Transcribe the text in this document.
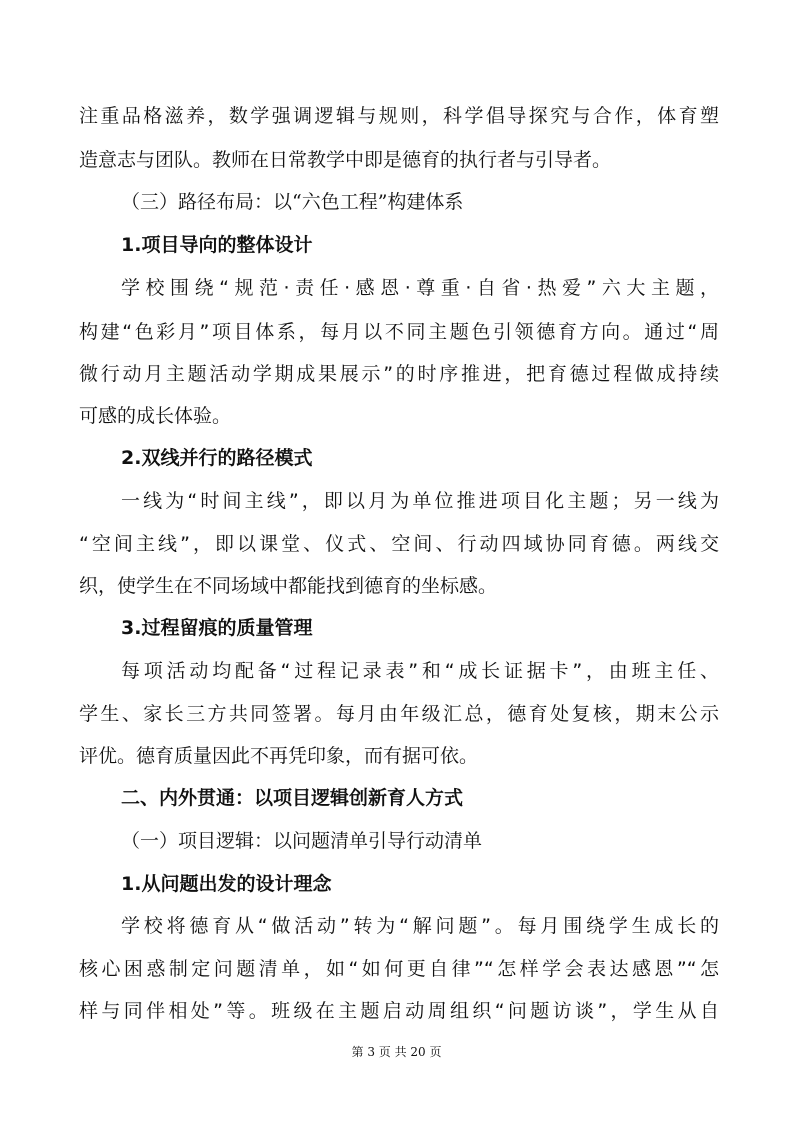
注重品格滋养，数学强调逻辑与规则，科学倡导探究与合作，体育塑

造意志与团队。教师在日常教学中即是德育的执行者与引导者。

（三）路径布局：以“六色工程”构建体系

1.项目导向的整体设计

学校围绕“规范·责任·感恩·尊重·自省·热爱”六大主题，

构建“色彩月”项目体系，每月以不同主题色引领德育方向。通过“周

微行动月主题活动学期成果展示”的时序推进，把育德过程做成持续

可感的成长体验。

2.双线并行的路径模式

一线为“时间主线”，即以月为单位推进项目化主题；另一线为

“空间主线”，即以课堂、仪式、空间、行动四域协同育德。两线交

织，使学生在不同场域中都能找到德育的坐标感。

3.过程留痕的质量管理

每项活动均配备“过程记录表”和“成长证据卡”，由班主任、

学生、家长三方共同签署。每月由年级汇总，德育处复核，期末公示

评优。德育质量因此不再凭印象，而有据可依。

二、内外贯通：以项目逻辑创新育人方式

（一）项目逻辑：以问题清单引导行动清单

1.从问题出发的设计理念

学校将德育从“做活动”转为“解问题”。每月围绕学生成长的

核心困惑制定问题清单，如“如何更自律”“怎样学会表达感恩”“怎

样与同伴相处”等。班级在主题启动周组织“问题访谈”，学生从自

第 3 页 共 20 页
